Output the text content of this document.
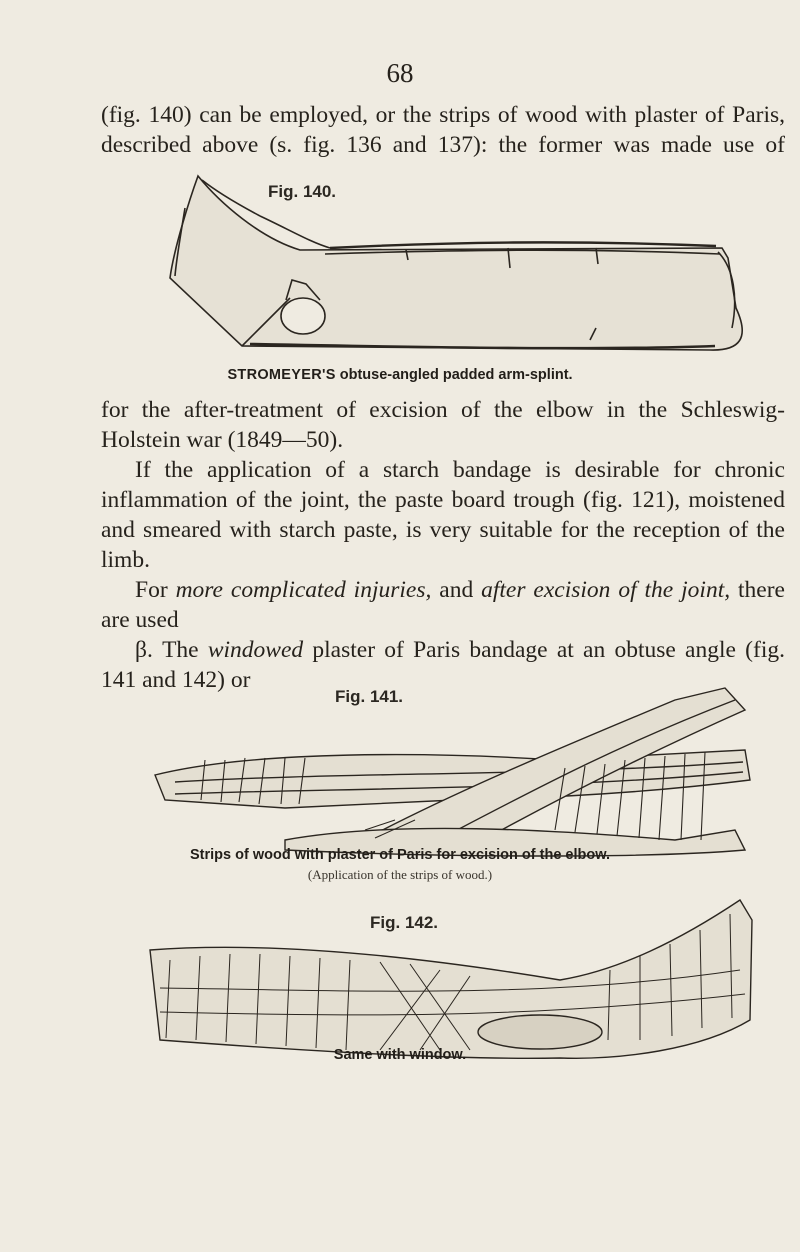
68

(fig. 140) can be employed, or the strips of wood with plaster of Paris, described above (s. fig. 136 and 137): the former was made use of

Fig. 140.
STROMEYER'S obtuse-angled padded arm-splint.

for the after-treatment of excision of the elbow in the Schleswig-Holstein war (1849—50).

If the application of a starch bandage is desirable for chronic inflammation of the joint, the paste board trough (fig. 121), moistened and smeared with starch paste, is very suitable for the reception of the limb.

For more complicated injuries, and after excision of the joint, there are used

β. The windowed plaster of Paris bandage at an obtuse angle (fig. 141 and 142) or

Fig. 141.
Strips of wood with plaster of Paris for excision of the elbow.
(Application of the strips of wood.)
Fig. 142.
Same with window.
